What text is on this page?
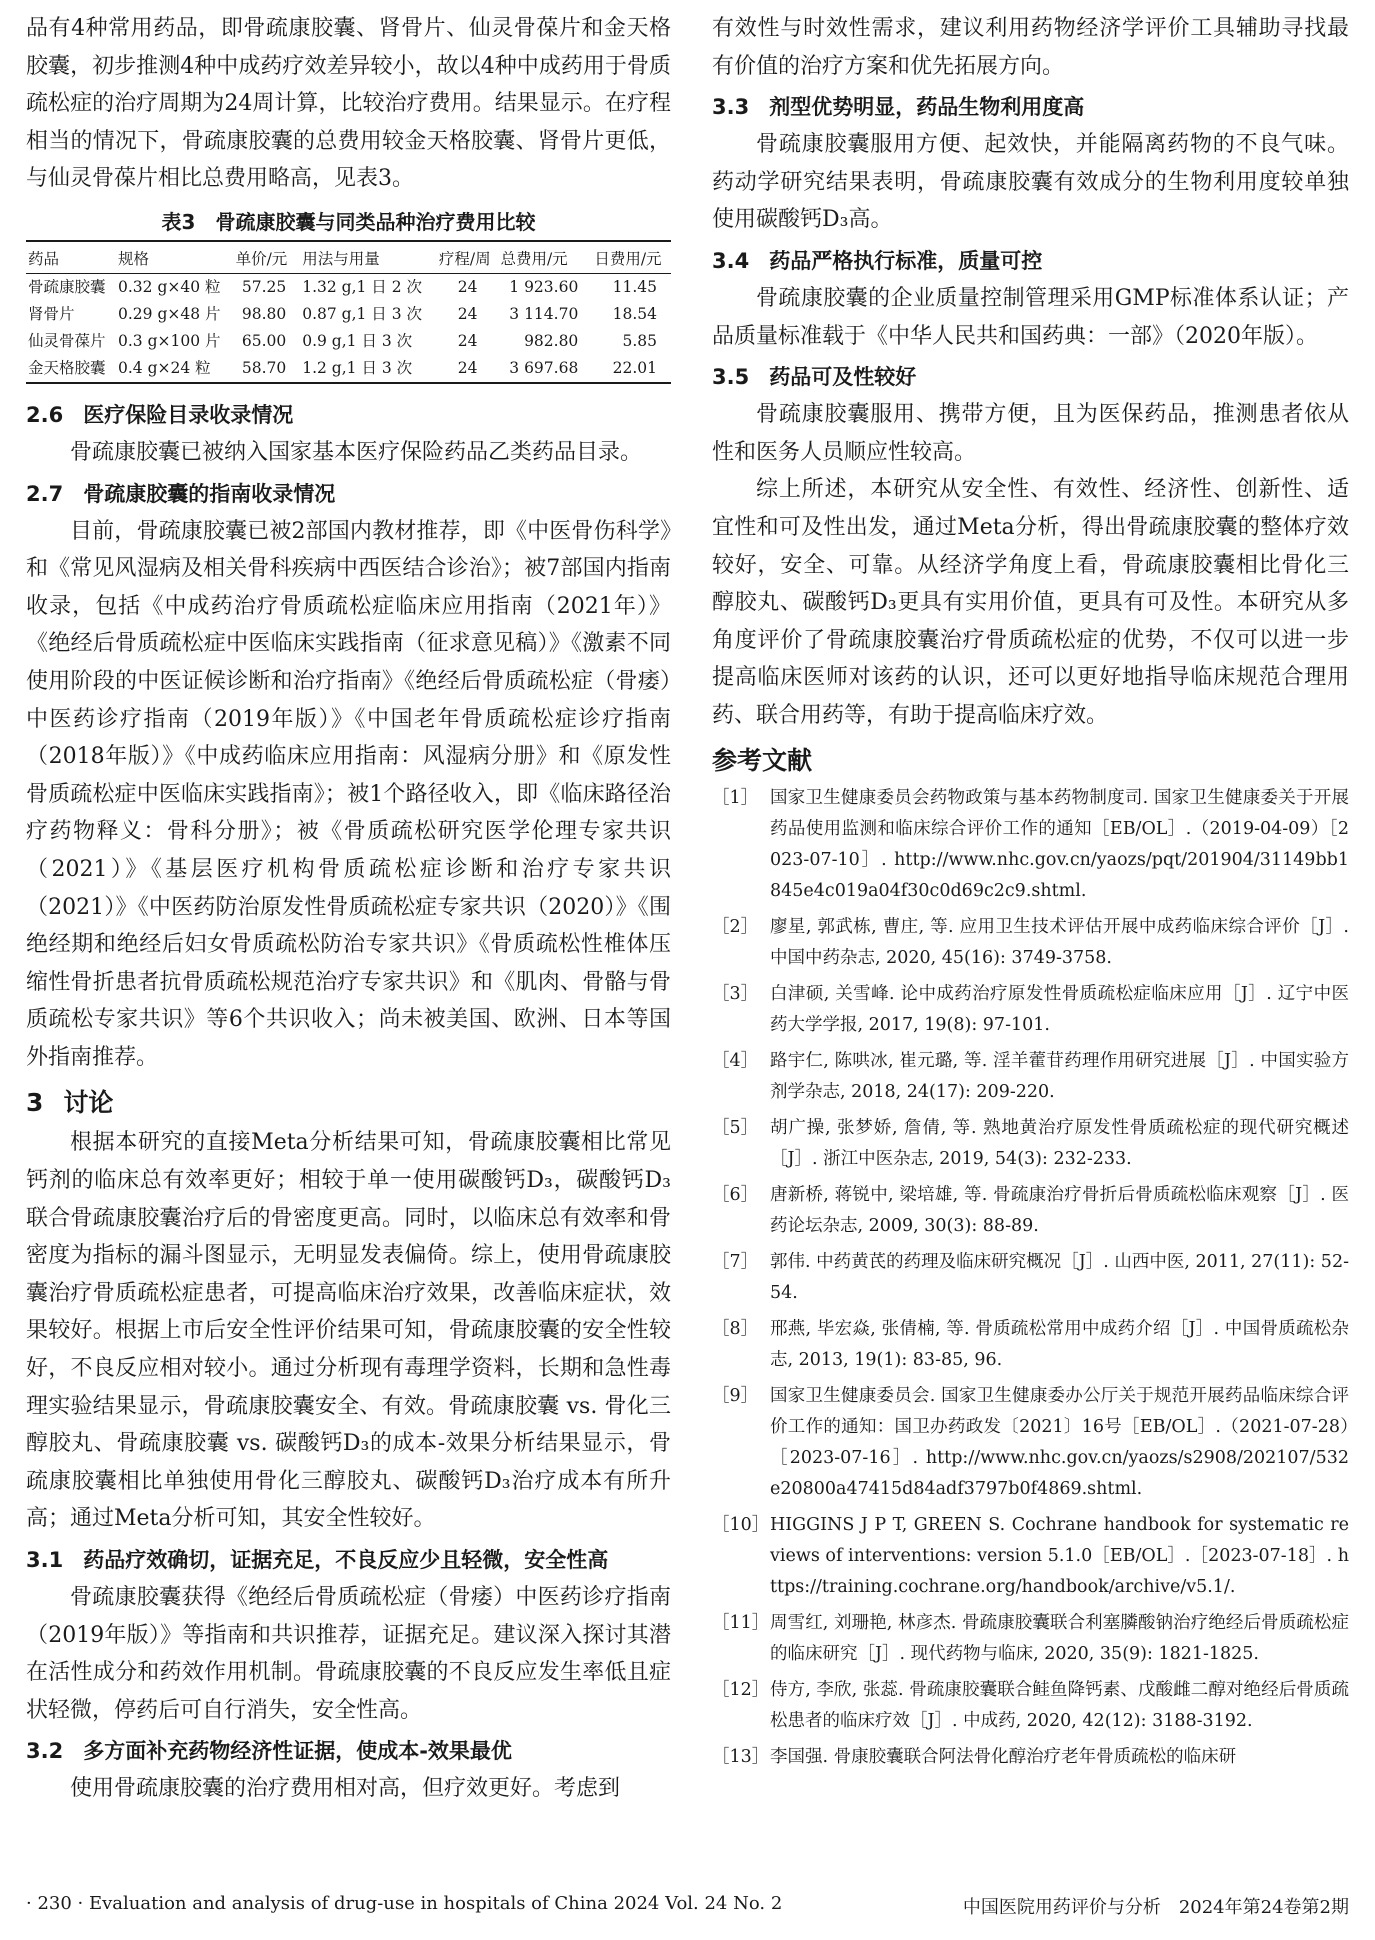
品有4种常用药品，即骨疏康胶囊、肾骨片、仙灵骨葆片和金天格胶囊，初步推测4种中成药疗效差异较小，故以4种中成药用于骨质疏松症的治疗周期为24周计算，比较治疗费用。结果显示。在疗程相当的情况下，骨疏康胶囊的总费用较金天格胶囊、肾骨片更低，与仙灵骨葆片相比总费用略高，见表3。

表3　骨疏康胶囊与同类品种治疗费用比较
药品	规格	单价/元	用法与用量	疗程/周	总费用/元	日费用/元
骨疏康胶囊	0.32 g×40 粒	57.25	1.32 g,1 日 2 次	24	1 923.60	11.45
肾骨片	0.29 g×48 片	98.80	0.87 g,1 日 3 次	24	3 114.70	18.54
仙灵骨葆片	0.3 g×100 片	65.00	0.9 g,1 日 3 次	24	982.80	5.85
金天格胶囊	0.4 g×24 粒	58.70	1.2 g,1 日 3 次	24	3 697.68	22.01
2.6 医疗保险目录收录情况

骨疏康胶囊已被纳入国家基本医疗保险药品乙类药品目录。

2.7 骨疏康胶囊的指南收录情况

目前，骨疏康胶囊已被2部国内教材推荐，即《中医骨伤科学》和《常见风湿病及相关骨科疾病中西医结合诊治》；被7部国内指南收录，包括《中成药治疗骨质疏松症临床应用指南（2021年）》《绝经后骨质疏松症中医临床实践指南（征求意见稿）》《激素不同使用阶段的中医证候诊断和治疗指南》《绝经后骨质疏松症（骨痿）中医药诊疗指南（2019年版）》《中国老年骨质疏松症诊疗指南（2018年版）》《中成药临床应用指南：风湿病分册》和《原发性骨质疏松症中医临床实践指南》；被1个路径收入，即《临床路径治疗药物释义：骨科分册》；被《骨质疏松研究医学伦理专家共识（2021）》《基层医疗机构骨质疏松症诊断和治疗专家共识（2021）》《中医药防治原发性骨质疏松症专家共识（2020）》《围绝经期和绝经后妇女骨质疏松防治专家共识》《骨质疏松性椎体压缩性骨折患者抗骨质疏松规范治疗专家共识》和《肌肉、骨骼与骨质疏松专家共识》等6个共识收入；尚未被美国、欧洲、日本等国外指南推荐。

3 讨论

根据本研究的直接Meta分析结果可知，骨疏康胶囊相比常见钙剂的临床总有效率更好；相较于单一使用碳酸钙D₃，碳酸钙D₃联合骨疏康胶囊治疗后的骨密度更高。同时，以临床总有效率和骨密度为指标的漏斗图显示，无明显发表偏倚。综上，使用骨疏康胶囊治疗骨质疏松症患者，可提高临床治疗效果，改善临床症状，效果较好。根据上市后安全性评价结果可知，骨疏康胶囊的安全性较好，不良反应相对较小。通过分析现有毒理学资料，长期和急性毒理实验结果显示，骨疏康胶囊安全、有效。骨疏康胶囊 vs. 骨化三醇胶丸、骨疏康胶囊 vs. 碳酸钙D₃的成本-效果分析结果显示，骨疏康胶囊相比单独使用骨化三醇胶丸、碳酸钙D₃治疗成本有所升高；通过Meta分析可知，其安全性较好。

3.1 药品疗效确切，证据充足，不良反应少且轻微，安全性高

骨疏康胶囊获得《绝经后骨质疏松症（骨痿）中医药诊疗指南（2019年版）》等指南和共识推荐，证据充足。建议深入探讨其潜在活性成分和药效作用机制。骨疏康胶囊的不良反应发生率低且症状轻微，停药后可自行消失，安全性高。

3.2 多方面补充药物经济性证据，使成本-效果最优

使用骨疏康胶囊的治疗费用相对高，但疗效更好。考虑到

有效性与时效性需求，建议利用药物经济学评价工具辅助寻找最有价值的治疗方案和优先拓展方向。

3.3 剂型优势明显，药品生物利用度高

骨疏康胶囊服用方便、起效快，并能隔离药物的不良气味。药动学研究结果表明，骨疏康胶囊有效成分的生物利用度较单独使用碳酸钙D₃高。

3.4 药品严格执行标准，质量可控

骨疏康胶囊的企业质量控制管理采用GMP标准体系认证；产品质量标准载于《中华人民共和国药典：一部》（2020年版）。

3.5 药品可及性较好

骨疏康胶囊服用、携带方便，且为医保药品，推测患者依从性和医务人员顺应性较高。

综上所述，本研究从安全性、有效性、经济性、创新性、适宜性和可及性出发，通过Meta分析，得出骨疏康胶囊的整体疗效较好，安全、可靠。从经济学角度上看，骨疏康胶囊相比骨化三醇胶丸、碳酸钙D₃更具有实用价值，更具有可及性。本研究从多角度评价了骨疏康胶囊治疗骨质疏松症的优势，不仅可以进一步提高临床医师对该药的认识，还可以更好地指导临床规范合理用药、联合用药等，有助于提高临床疗效。

参考文献
［1］ 国家卫生健康委员会药物政策与基本药物制度司. 国家卫生健康委关于开展药品使用监测和临床综合评价工作的通知［EB/OL］.（2019-04-09）［2023-07-10］. http://www.nhc.gov.cn/yaozs/pqt/201904/31149bb1845e4c019a04f30c0d69c2c9.shtml.
［2］ 廖星, 郭武栋, 曹庄, 等. 应用卫生技术评估开展中成药临床综合评价［J］. 中国中药杂志, 2020, 45(16): 3749-3758.
［3］ 白津硕, 关雪峰. 论中成药治疗原发性骨质疏松症临床应用［J］. 辽宁中医药大学学报, 2017, 19(8): 97-101.
［4］ 路宇仁, 陈哄冰, 崔元璐, 等. 淫羊藿苷药理作用研究进展［J］. 中国实验方剂学杂志, 2018, 24(17): 209-220.
［5］ 胡广操, 张梦娇, 詹倩, 等. 熟地黄治疗原发性骨质疏松症的现代研究概述［J］. 浙江中医杂志, 2019, 54(3): 232-233.
［6］ 唐新桥, 蒋锐中, 梁培雄, 等. 骨疏康治疗骨折后骨质疏松临床观察［J］. 医药论坛杂志, 2009, 30(3): 88-89.
［7］ 郭伟. 中药黄芪的药理及临床研究概况［J］. 山西中医, 2011, 27(11): 52-54.
［8］ 邢燕, 毕宏焱, 张倩楠, 等. 骨质疏松常用中成药介绍［J］. 中国骨质疏松杂志, 2013, 19(1): 83-85, 96.
［9］ 国家卫生健康委员会. 国家卫生健康委办公厅关于规范开展药品临床综合评价工作的通知：国卫办药政发〔2021〕16号［EB/OL］.（2021-07-28）［2023-07-16］. http://www.nhc.gov.cn/yaozs/s2908/202107/532e20800a47415d84adf3797b0f4869.shtml.
［10］ HIGGINS J P T, GREEN S. Cochrane handbook for systematic reviews of interventions: version 5.1.0［EB/OL］.［2023-07-18］. https://training.cochrane.org/handbook/archive/v5.1/.
［11］ 周雪红, 刘珊艳, 林彦杰. 骨疏康胶囊联合利塞膦酸钠治疗绝经后骨质疏松症的临床研究［J］. 现代药物与临床, 2020, 35(9): 1821-1825.
［12］ 侍方, 李欣, 张蕊. 骨疏康胶囊联合鲑鱼降钙素、戊酸雌二醇对绝经后骨质疏松患者的临床疗效［J］. 中成药, 2020, 42(12): 3188-3192.
［13］ 李国强. 骨康胶囊联合阿法骨化醇治疗老年骨质疏松的临床研
· 230 · Evaluation and analysis of drug-use in hospitals of China 2024 Vol. 24 No. 2	中国医院用药评价与分析　2024年第24卷第2期
